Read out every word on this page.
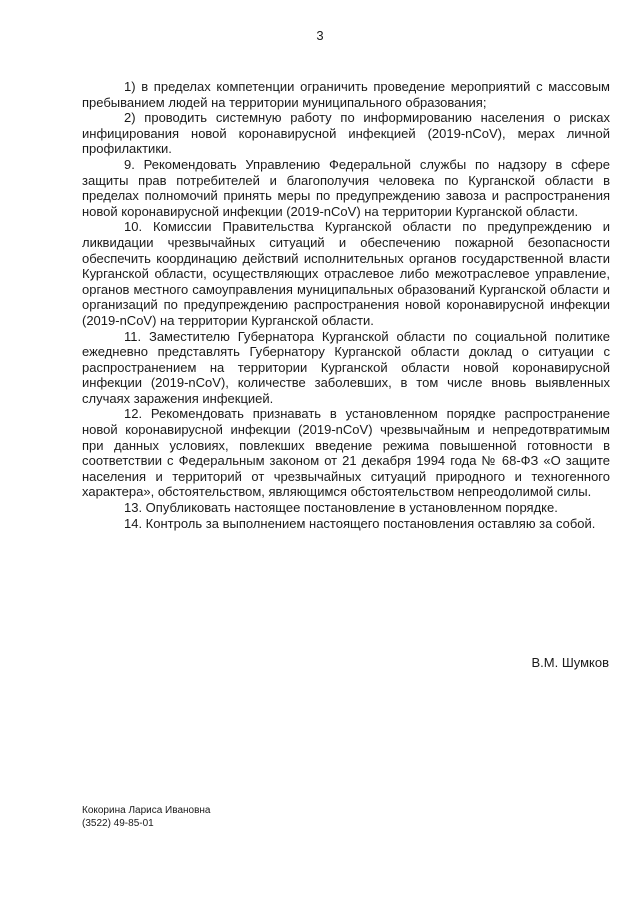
3

1) в пределах компетенции ограничить проведение мероприятий с массовым пребыванием людей на территории муниципального образования;

2) проводить системную работу по информированию населения о рисках инфицирования новой коронавирусной инфекцией (2019-nCoV), мерах личной профилактики.

9. Рекомендовать Управлению Федеральной службы по надзору в сфере защиты прав потребителей и благополучия человека по Курганской области в пределах полномочий принять меры по предупреждению завоза и распространения новой коронавирусной инфекции (2019-nCoV) на территории Курганской области.

10. Комиссии Правительства Курганской области по предупреждению и ликвидации чрезвычайных ситуаций и обеспечению пожарной безопасности обеспечить координацию действий исполнительных органов государственной власти Курганской области, осуществляющих отраслевое либо межотраслевое управление, органов местного самоуправления муниципальных образований Курганской области и организаций по предупреждению распространения новой коронавирусной инфекции (2019-nCoV) на территории Курганской области.

11. Заместителю Губернатора Курганской области по социальной политике ежедневно представлять Губернатору Курганской области доклад о ситуации с распространением на территории Курганской области новой коронавирусной инфекции (2019-nCoV), количестве заболевших, в том числе вновь выявленных случаях заражения инфекцией.

12. Рекомендовать признавать в установленном порядке распространение новой коронавирусной инфекции (2019-nCoV) чрезвычайным и непредотвратимым при данных условиях, повлекших введение режима повышенной готовности в соответствии с Федеральным законом от 21 декабря 1994 года № 68-ФЗ «О защите населения и территорий от чрезвычайных ситуаций природного и техногенного характера», обстоятельством, являющимся обстоятельством непреодолимой силы.

13. Опубликовать настоящее постановление в установленном порядке.

14. Контроль за выполнением настоящего постановления оставляю за собой.

В.М. Шумков
Кокорина Лариса Ивановна
(3522) 49-85-01
